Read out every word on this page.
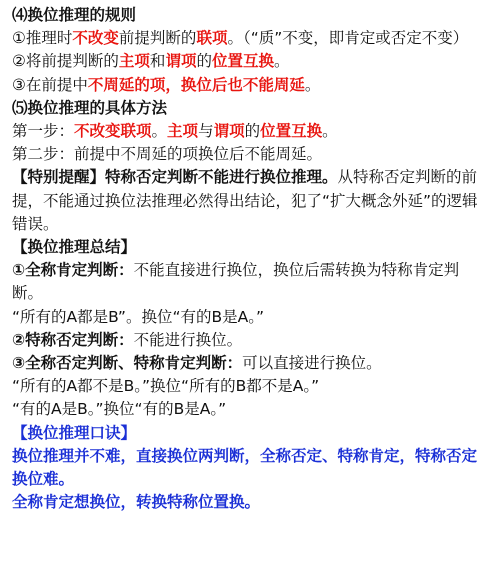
⑷换位推理的规则
①推理时不改变前提判断的联项。（“质”不变，即肯定或否定不变）
②将前提判断的主项和谓项的位置互换。
③在前提中不周延的项，换位后也不能周延。
⑸换位推理的具体方法
第一步：不改变联项。主项与谓项的位置互换。
第二步：前提中不周延的项换位后不能周延。
【特别提醒】特称否定判断不能进行换位推理。从特称否定判断的前提，不能通过换位法推理必然得出结论，犯了“扩大概念外延”的逻辑错误。
【换位推理总结】
①全称肯定判断：不能直接进行换位，换位后需转换为特称肯定判断。
“所有的A都是B”。换位“有的B是A。”
②特称否定判断：不能进行换位。
③全称否定判断、特称肯定判断：可以直接进行换位。
“所有的A都不是B。”换位“所有的B都不是A。”
“有的A是B。”换位“有的B是A。”
【换位推理口诀】
换位推理并不难，直接换位两判断，全称否定、特称肯定，特称否定换位难。
全称肯定想换位，转换特称位置换。
